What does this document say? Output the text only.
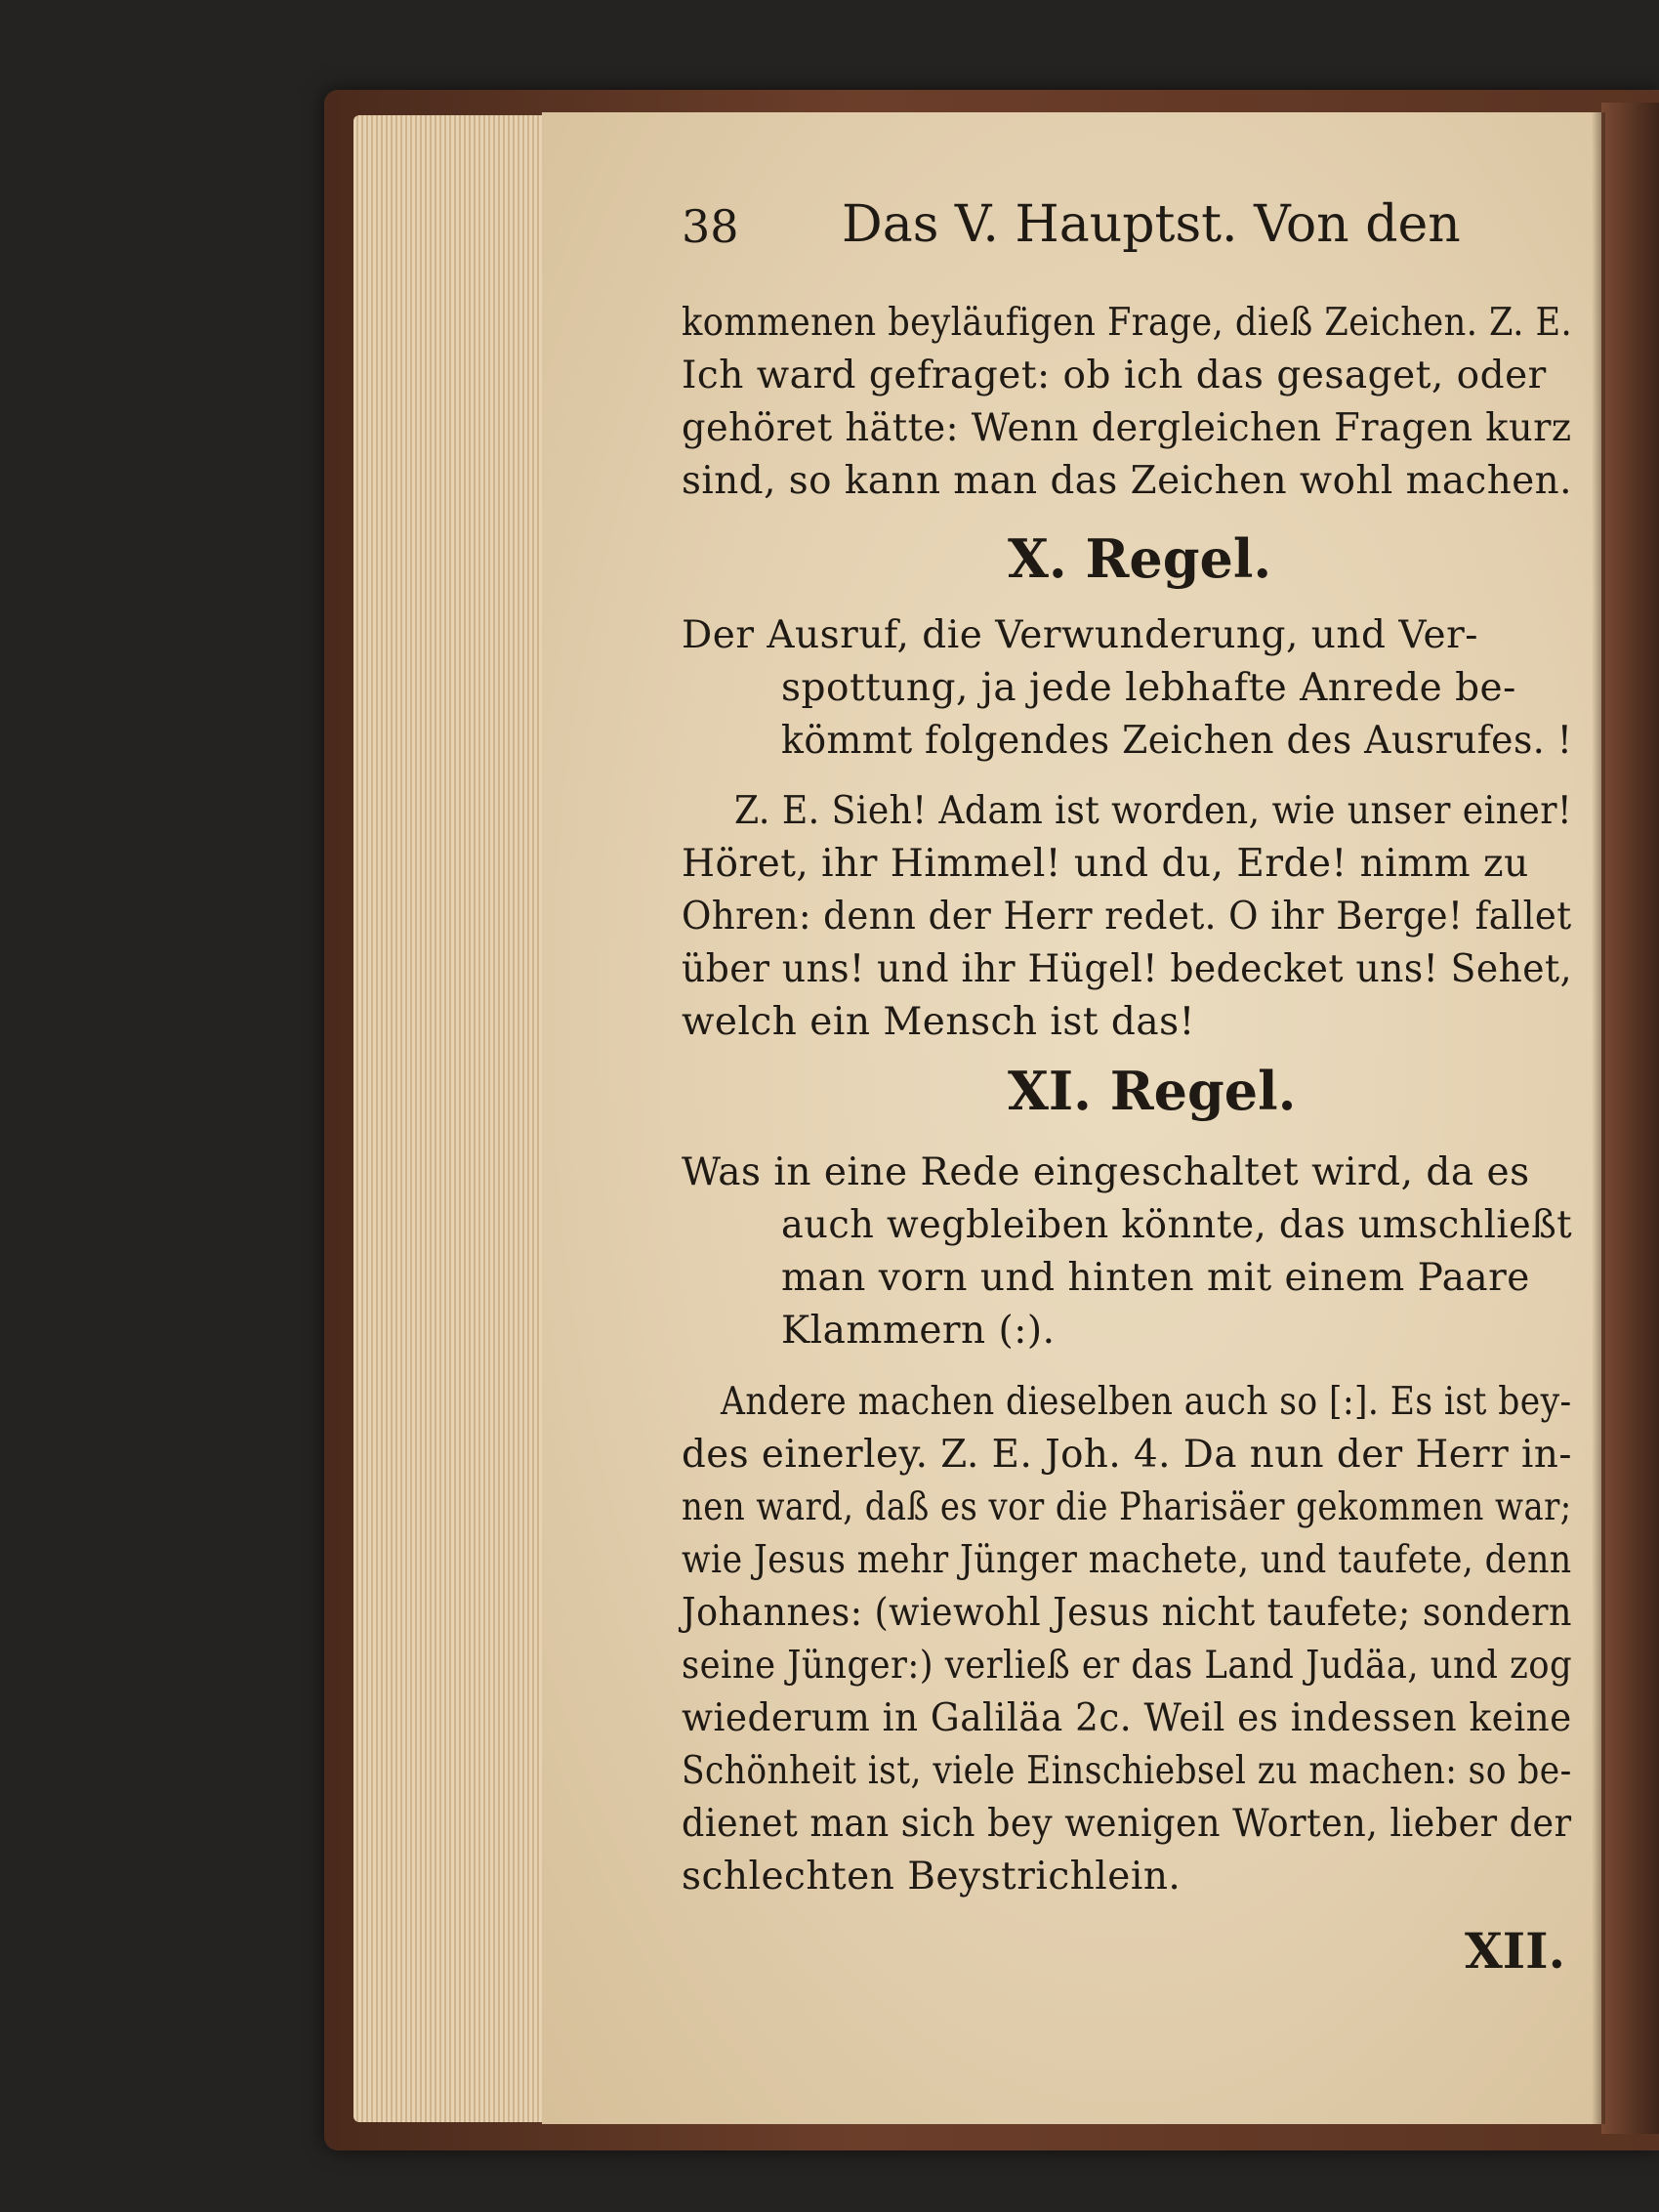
38 Das V. Hauptst. Von den
kommenen beyläufigen Frage, dieß Zeichen. Z. E.
Ich ward gefraget: ob ich das gesaget, oder
gehöret hätte: Wenn dergleichen Fragen kurz
sind, so kann man das Zeichen wohl machen.
X. Regel.
Der Ausruf, die Verwunderung, und Ver-
spottung, ja jede lebhafte Anrede be-
kömmt folgendes Zeichen des Ausrufes. !
Z. E. Sieh! Adam ist worden, wie unser einer!
Höret, ihr Himmel! und du, Erde! nimm zu
Ohren: denn der Herr redet. O ihr Berge! fallet
über uns! und ihr Hügel! bedecket uns! Sehet,
welch ein Mensch ist das!
XI. Regel.
Was in eine Rede eingeschaltet wird, da es
auch wegbleiben könnte, das umschließt
man vorn und hinten mit einem Paare
Klammern (:).
Andere machen dieselben auch so [:]. Es ist bey-
des einerley. Z. E. Joh. 4. Da nun der Herr in-
nen ward, daß es vor die Pharisäer gekommen war;
wie Jesus mehr Jünger machete, und taufete, denn
Johannes: (wiewohl Jesus nicht taufete; sondern
seine Jünger:) verließ er das Land Judäa, und zog
wiederum in Galiläa 2c. Weil es indessen keine
Schönheit ist, viele Einschiebsel zu machen: so be-
dienet man sich bey wenigen Worten, lieber der
schlechten Beystrichlein.
XII.
